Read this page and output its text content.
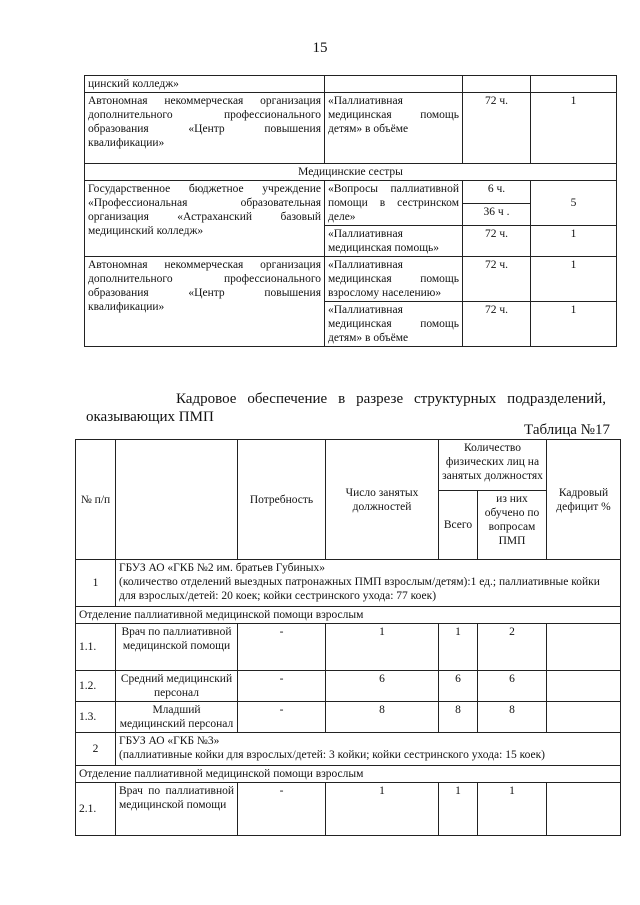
15
цинский колледж»			
Автономная некоммерческая организация дополнительного профессионального образования «Центр повышения квалификации»	«Паллиативная медицинская помощь детям» в объёме	72 ч.	1
Медицинские сестры			
Государственное бюджетное учреждение «Профессиональная образовательная организация «Астраханский базовый медицинский колледж»	«Вопросы паллиативной помощи в сестринском деле»	6 ч.	5
		36 ч .	
	«Паллиативная медицинская помощь»	72 ч.	1
Автономная некоммерческая организация дополнительного профессионального образования «Центр повышения квалификации»	«Паллиативная медицинская помощь взрослому населению»	72 ч.	1
	«Паллиативная медицинская помощь детям» в объёме	72 ч.	1
Кадровое обеспечение в разрезе структурных подразделений, оказывающих ПМП
Таблица №17
№ п/п		Потребность	Число занятых должностей	Количество физических лиц на занятых должностях		Кадровый дефицит %
				Всего	из них обучено по вопросам ПМП	
1	ГБУЗ АО «ГКБ №2 им. братьев Губиных»
(количество отделений выездных патронажных ПМП взрослым/детям):1 ед.; паллиативные койки для взрослых/детей: 20 коек; койки сестринского ухода: 77 коек)					

Отделение паллиативной медицинской помощи взрослым						
1.1.	Врач по паллиативной медицинской помощи	-	1	1	2	
1.2.	Средний медицинский персонал	-	6	6	6	
1.3.	Младший медицинский персонал	-	8	8	8	
2	ГБУЗ АО «ГКБ №3»
(паллиативные койки для взрослых/детей: 3 койки; койки сестринского ухода: 15 коек)					

Отделение паллиативной медицинской помощи взрослым						
2.1.	Врач по паллиативной медицинской помощи	-	1	1	1	
